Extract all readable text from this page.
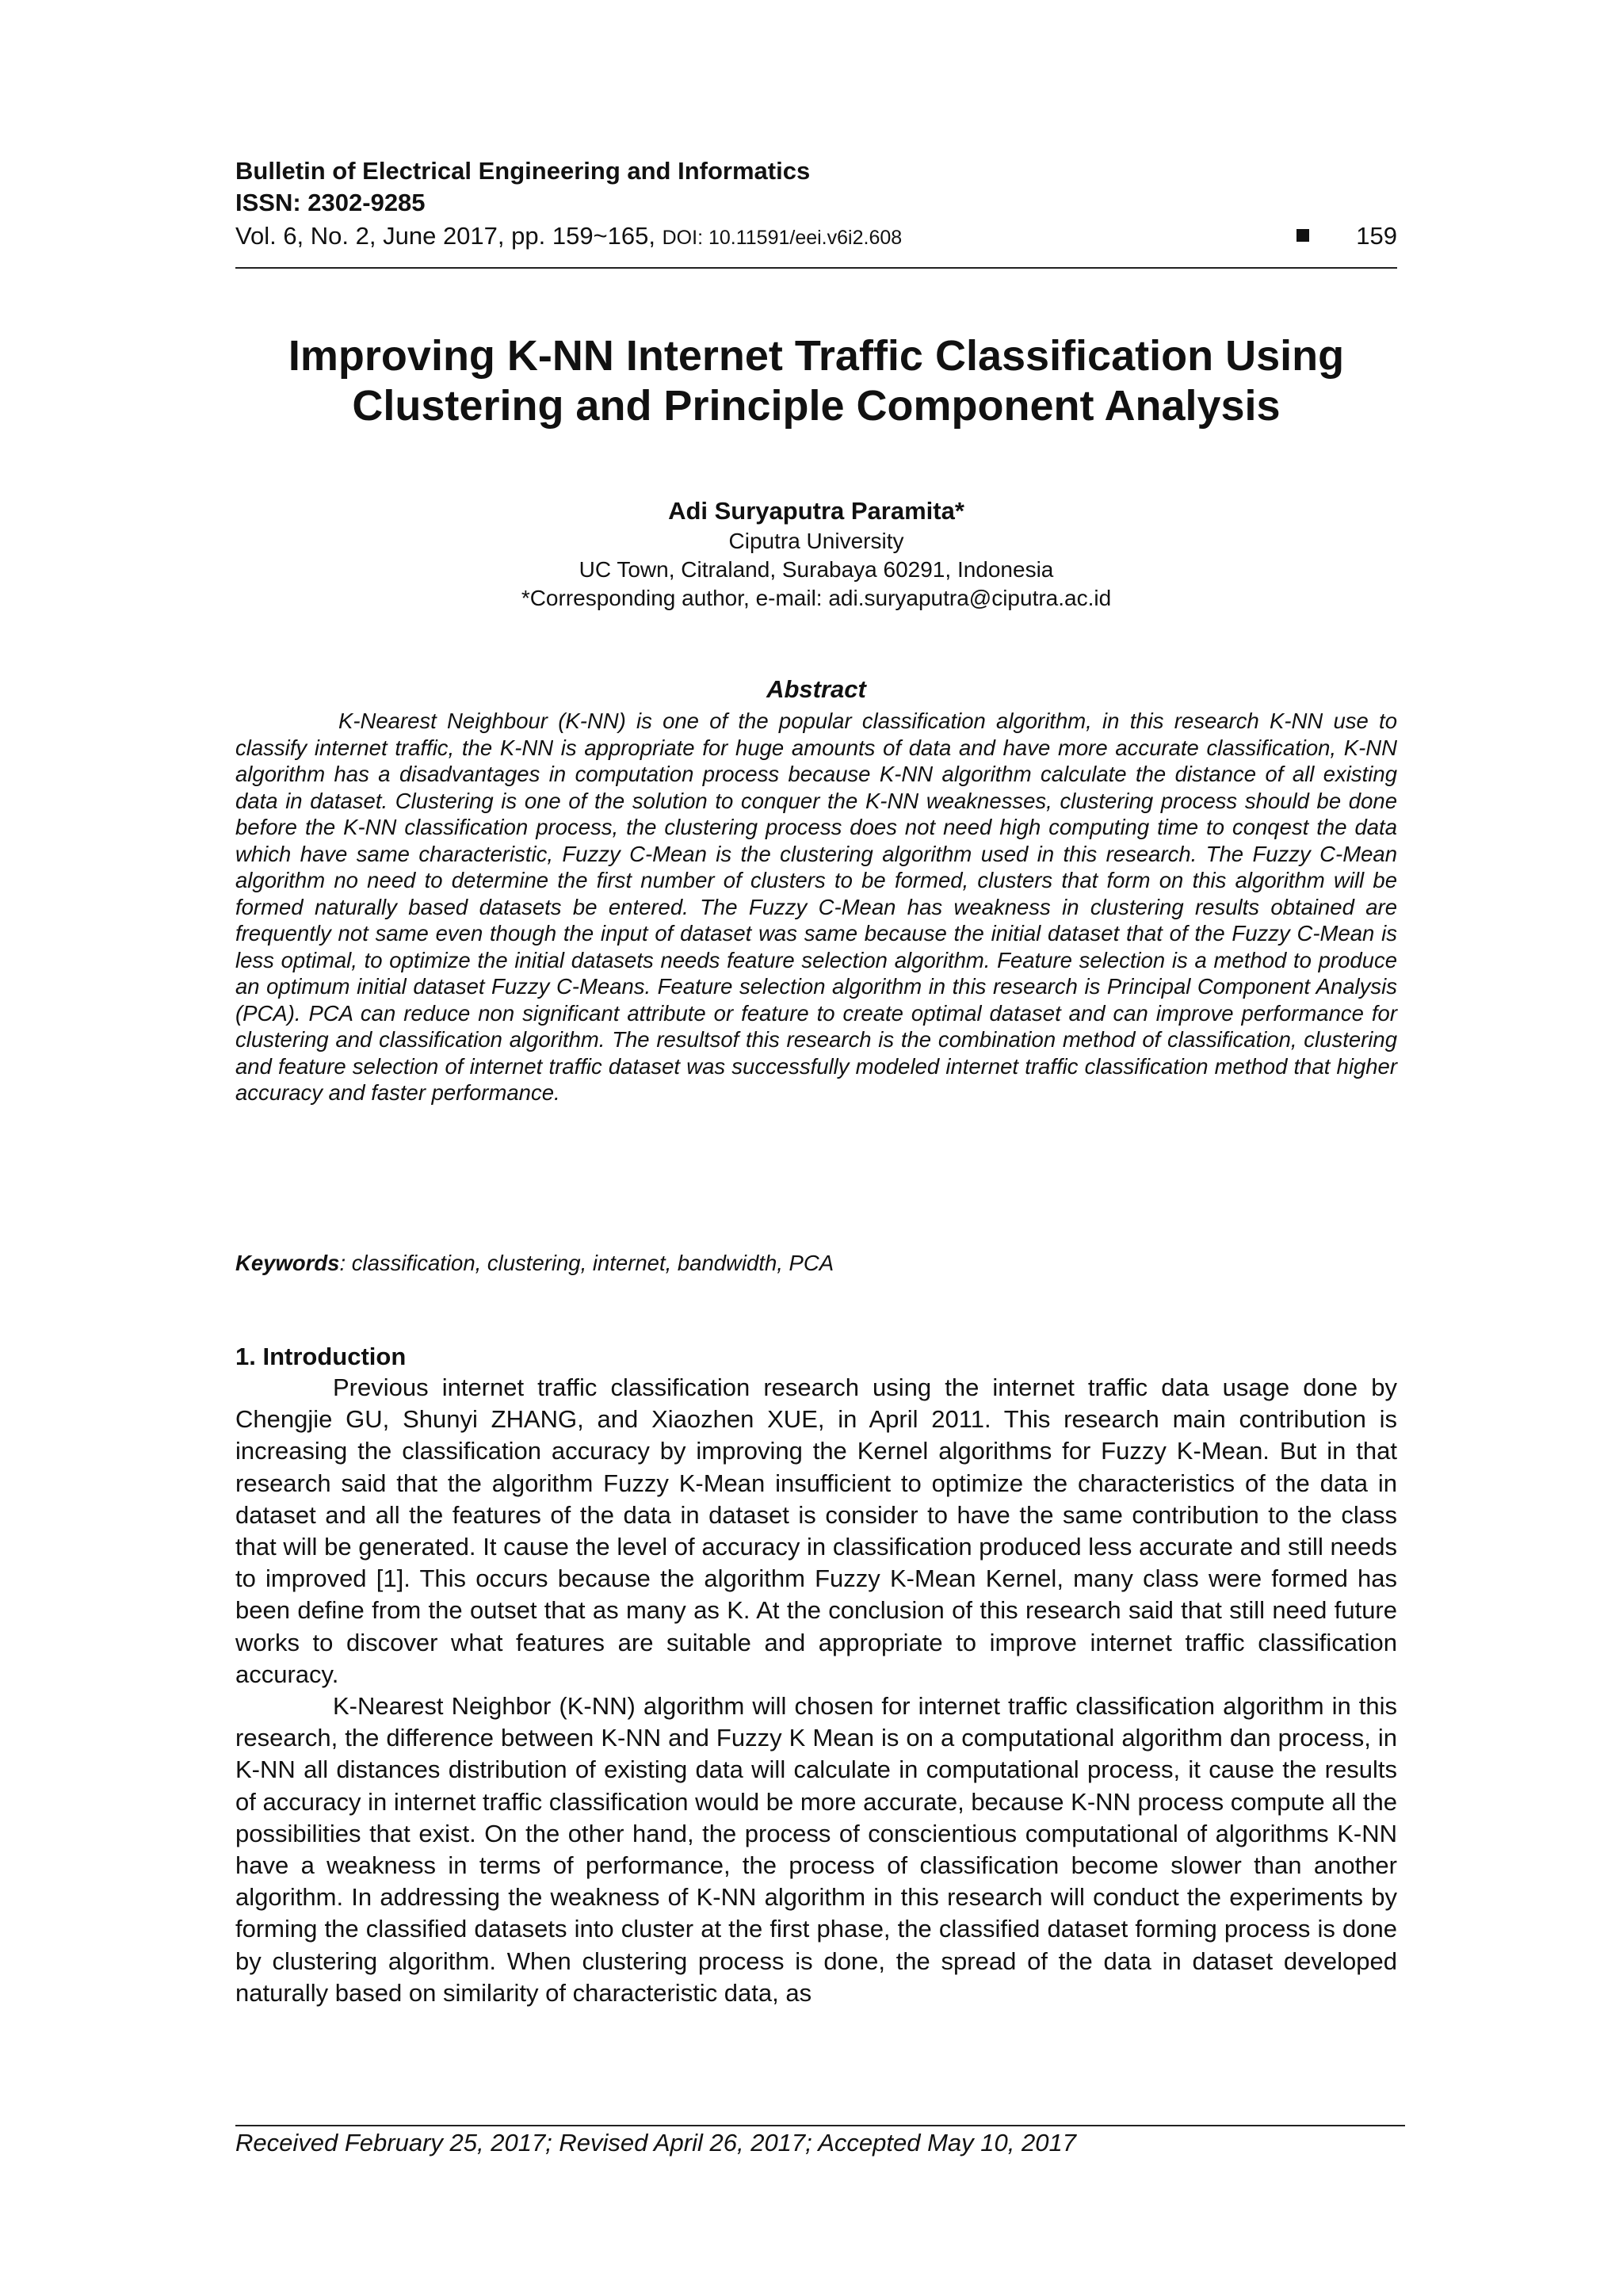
Bulletin of Electrical Engineering and Informatics

ISSN: 2302-9285

Vol. 6, No. 2, June 2017, pp. 159~165, DOI: 10.11591/eei.v6i2.608	159
Improving K-NN Internet Traffic Classification Using Clustering and Principle Component Analysis
Adi Suryaputra Paramita*
Ciputra University
UC Town, Citraland, Surabaya 60291, Indonesia
*Corresponding author, e-mail: adi.suryaputra@ciputra.ac.id
Abstract

K-Nearest Neighbour (K-NN) is one of the popular classification algorithm, in this research K-NN use to classify internet traffic, the K-NN is appropriate for huge amounts of data and have more accurate classification, K-NN algorithm has a disadvantages in computation process because K-NN algorithm calculate the distance of all existing data in dataset. Clustering is one of the solution to conquer the K-NN weaknesses, clustering process should be done before the K-NN classification process, the clustering process does not need high computing time to conqest the data which have same characteristic, Fuzzy C-Mean is the clustering algorithm used in this research. The Fuzzy C-Mean algorithm no need to determine the first number of clusters to be formed, clusters that form on this algorithm will be formed naturally based datasets be entered. The Fuzzy C-Mean has weakness in clustering results obtained are frequently not same even though the input of dataset was same because the initial dataset that of the Fuzzy C-Mean is less optimal, to optimize the initial datasets needs feature selection algorithm. Feature selection is a method to produce an optimum initial dataset Fuzzy C-Means. Feature selection algorithm in this research is Principal Component Analysis (PCA). PCA can reduce non significant attribute or feature to create optimal dataset and can improve performance for clustering and classification algorithm. The resultsof this research is the combination method of classification, clustering and feature selection of internet traffic dataset was successfully modeled internet traffic classification method that higher accuracy and faster performance.

Keywords: classification, clustering, internet, bandwidth, PCA
1. Introduction

Previous internet traffic classification research using the internet traffic data usage done by Chengjie GU, Shunyi ZHANG, and Xiaozhen XUE, in April 2011. This research main contribution is increasing the classification accuracy by improving the Kernel algorithms for Fuzzy K-Mean. But in that research said that the algorithm Fuzzy K-Mean insufficient to optimize the characteristics of the data in dataset and all the features of the data in dataset is consider to have the same contribution to the class that will be generated. It cause the level of accuracy in classification produced less accurate and still needs to improved [1]. This occurs because the algorithm Fuzzy K-Mean Kernel, many class were formed has been define from the outset that as many as K. At the conclusion of this research said that still need future works to discover what features are suitable and appropriate to improve internet traffic classification accuracy.

K-Nearest Neighbor (K-NN) algorithm will chosen for internet traffic classification algorithm in this research, the difference between K-NN and Fuzzy K Mean is on a computational algorithm dan process, in K-NN all distances distribution of existing data will calculate in computational process, it cause the results of accuracy in internet traffic classification would be more accurate, because K-NN process compute all the possibilities that exist. On the other hand, the process of conscientious computational of algorithms K-NN have a weakness in terms of performance, the process of classification become slower than another algorithm. In addressing the weakness of K-NN algorithm in this research will conduct the experiments by forming the classified datasets into cluster at the first phase, the classified dataset forming process is done by clustering algorithm. When clustering process is done, the spread of the data in dataset developed naturally based on similarity of characteristic data, as

Received February 25, 2017; Revised April 26, 2017; Accepted May 10, 2017
